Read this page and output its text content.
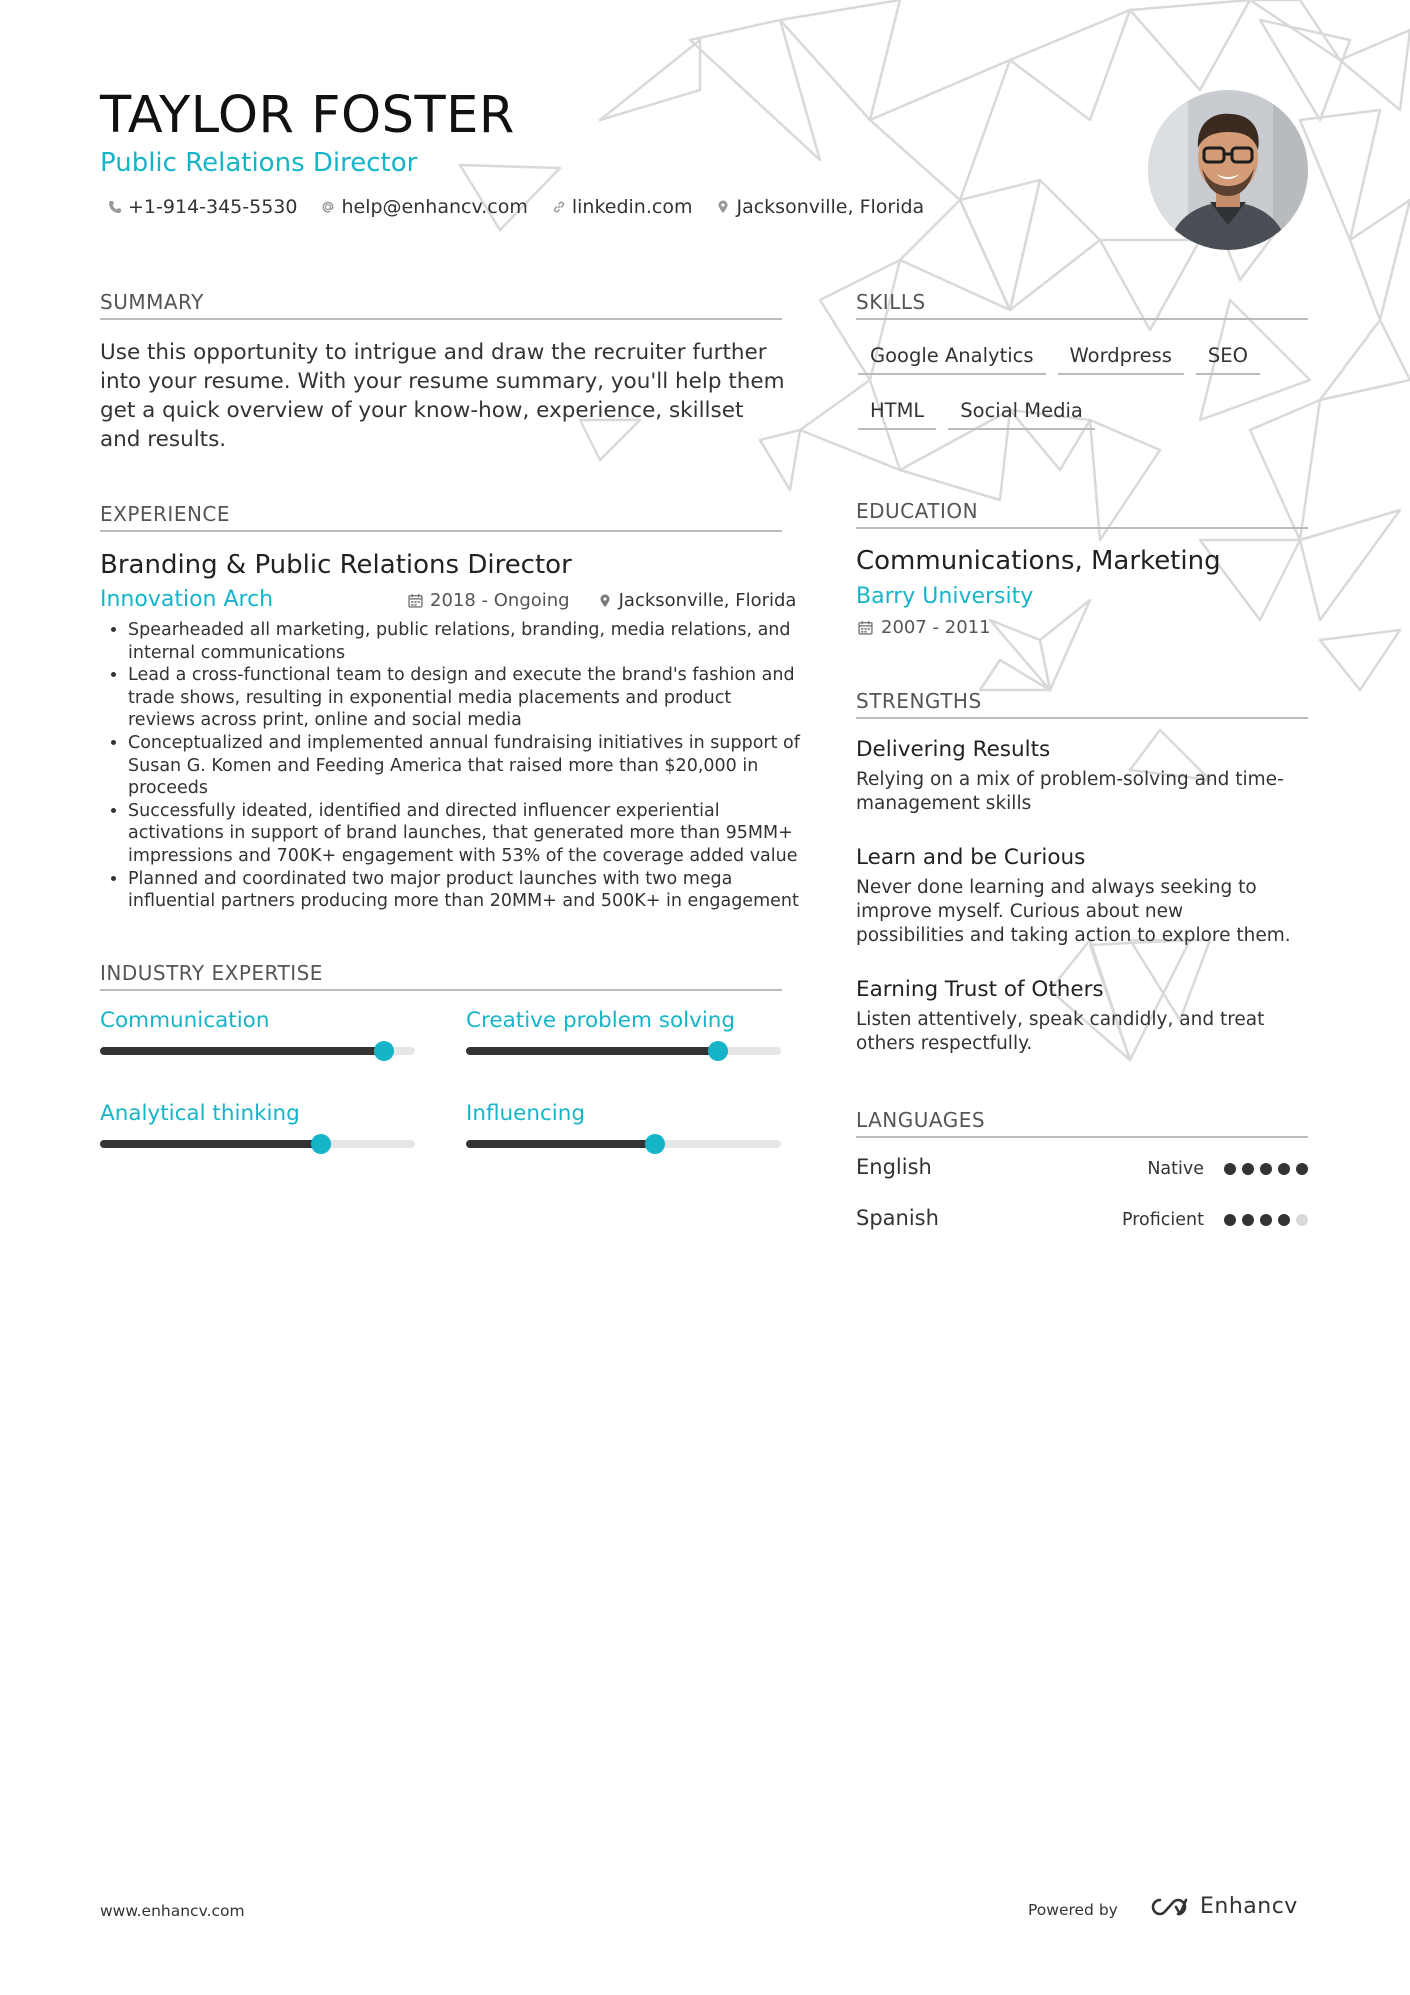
TAYLOR FOSTER
Public Relations Director
+1-914-345-5530 help@enhancv.com linkedin.com Jacksonville, Florida
SUMMARY
Use this opportunity to intrigue and draw the recruiter further into your resume. With your resume summary, you'll help them get a quick overview of your know-how, experience, skillset and results.
EXPERIENCE
Branding & Public Relations Director
Innovation Arch	2018 - Ongoing	Jacksonville, Florida
• Spearheaded all marketing, public relations, branding, media relations, and internal communications
• Lead a cross-functional team to design and execute the brand's fashion and trade shows, resulting in exponential media placements and product reviews across print, online and social media
• Conceptualized and implemented annual fundraising initiatives in support of Susan G. Komen and Feeding America that raised more than $20,000 in proceeds
• Successfully ideated, identified and directed influencer experiential activations in support of brand launches, that generated more than 95MM+ impressions and 700K+ engagement with 53% of the coverage added value
• Planned and coordinated two major product launches with two mega influential partners producing more than 20MM+ and 500K+ in engagement
INDUSTRY EXPERTISE
Communication	Creative problem solving
Analytical thinking	Influencing
SKILLS
Google Analytics	Wordpress	SEO
HTML	Social Media
EDUCATION
Communications, Marketing
Barry University
2007 - 2011
STRENGTHS
Delivering Results
Relying on a mix of problem-solving and time-management skills
Learn and be Curious
Never done learning and always seeking to improve myself. Curious about new possibilities and taking action to explore them.
Earning Trust of Others
Listen attentively, speak candidly, and treat others respectfully.
LANGUAGES
English	Native
Spanish	Proficient
www.enhancv.com	Powered by	Enhancv
